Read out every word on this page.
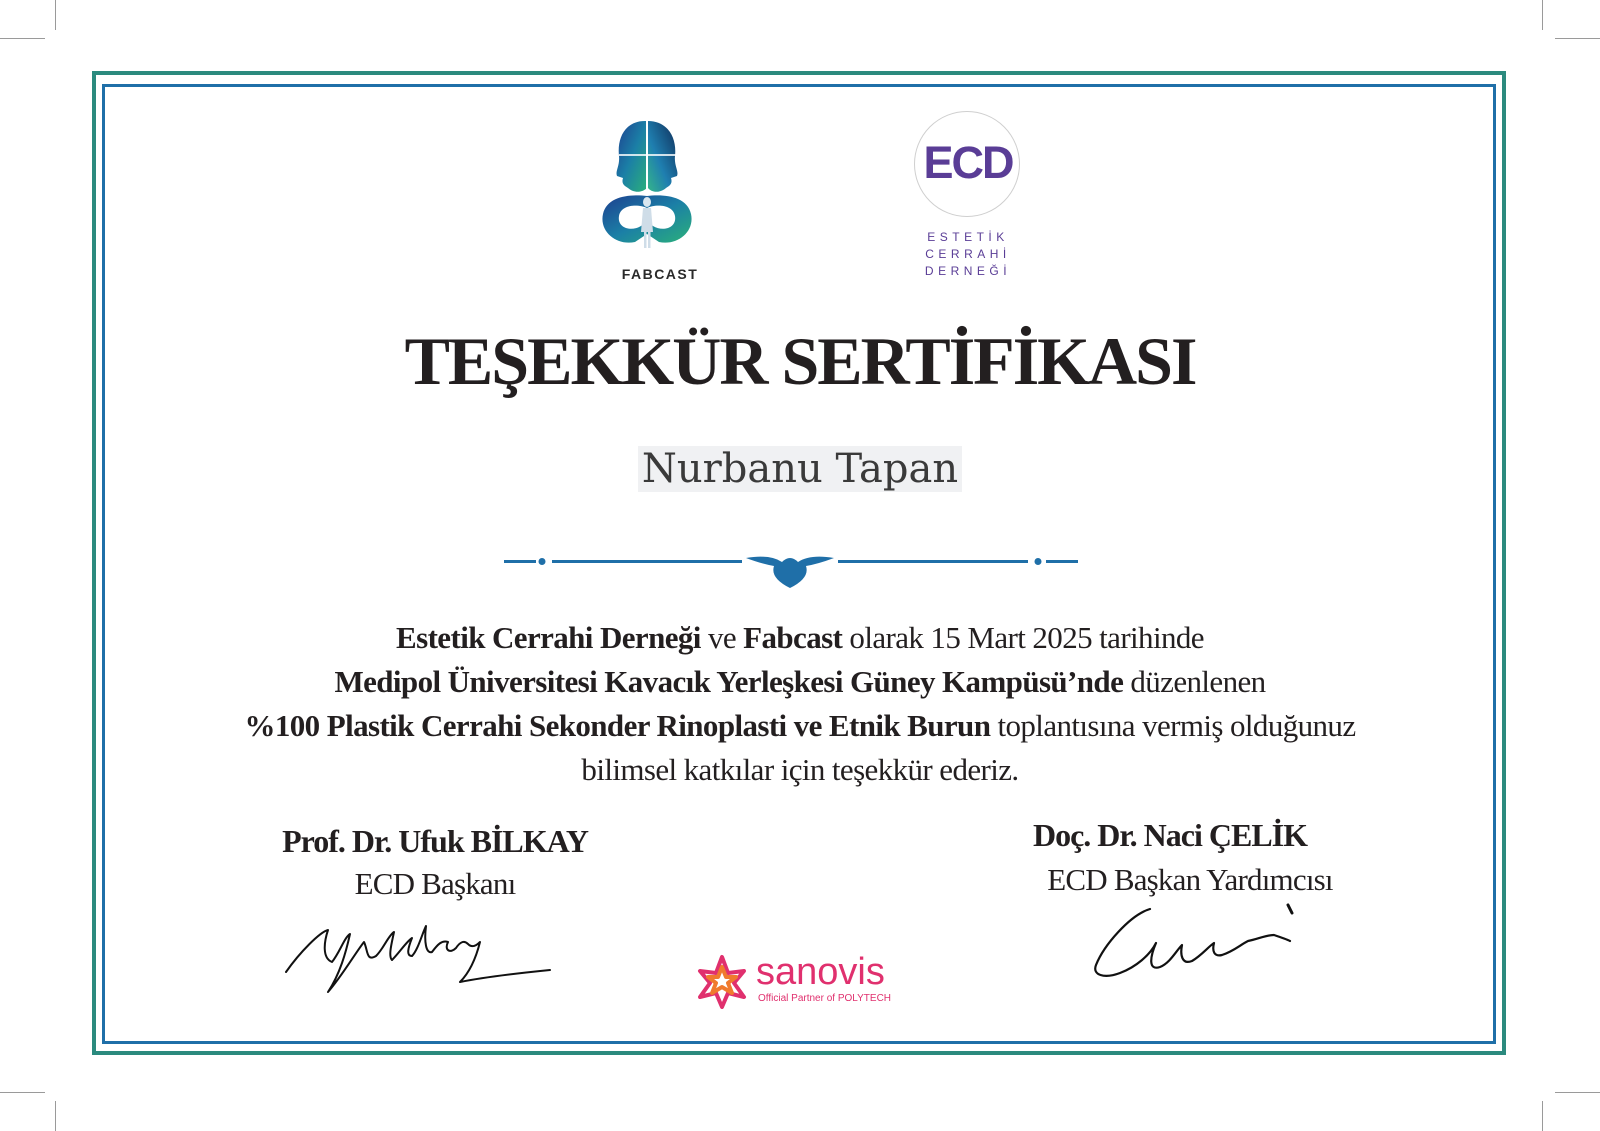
FABCAST
ECD
ESTETİK
CERRAHİ
DERNEĞİ
TEŞEKKÜR SERTİFİKASI
Nurbanu Tapan
Estetik Cerrahi Derneği ve Fabcast olarak 15 Mart 2025 tarihinde
Medipol Üniversitesi Kavacık Yerleşkesi Güney Kampüsü’nde düzenlenen
%100 Plastik Cerrahi Sekonder Rinoplasti ve Etnik Burun toplantısına vermiş olduğunuz
bilimsel katkılar için teşekkür ederiz.
Prof. Dr. Ufuk BİLKAY
ECD Başkanı
Doç. Dr. Naci ÇELİK
ECD Başkan Yardımcısı
sanovis
Official Partner of POLYTECH
